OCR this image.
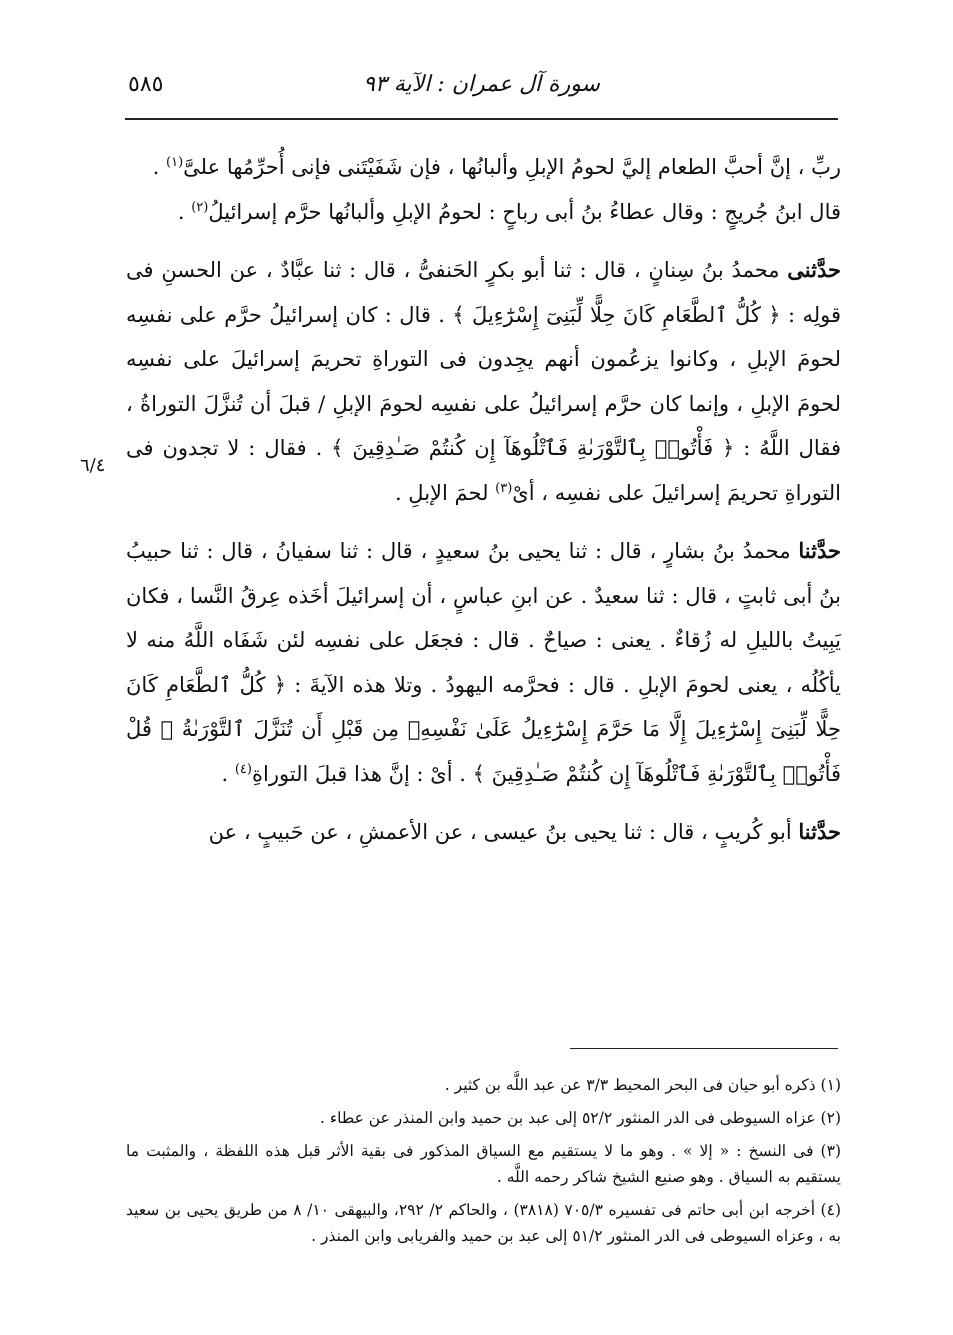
٥٨٥	سورة آل عمران : الآية ٩٣
٦/٤

ربِّ ، إنَّ أحبَّ الطعام إليَّ لحومُ الإبلِ وألبانُها ، فإن شَفَيْتَنى فإنى أُحرِّمُها علىَّ$^{(١)}$ .
قال ابنُ جُريجٍ : وقال عطاءُ بنُ أبى رباحٍ : لحومُ الإبلِ وألبانُها حرَّم إسرائيلُ$^{(٢)}$ .

حدَّثنى محمدُ بنُ سِنانٍ ، قال : ثنا أبو بكرٍ الحَنفىُّ ، قال : ثنا عبَّادٌ ، عن الحسنِ فى قولِه : ﴿ كُلُّ ٱلطَّعَامِ كَانَ حِلًّا لِّبَنِىٓ إِسْرَٰٓءِيلَ ﴾ . قال : كان إسرائيلُ حرَّم على نفسِه لحومَ الإبلِ ، وكانوا يزعُمون أنهم يجِدون فى التوراةِ تحريمَ إسرائيلَ على نفسِه لحومَ الإبلِ ، وإنما كان حرَّم إسرائيلُ على نفسِه لحومَ الإبلِ / قبلَ أن تُنزَّلَ التوراةُ ، فقال اللَّهُ : ﴿ فَأْتُوا۟ بِٱلتَّوْرَىٰةِ فَٱتْلُوهَآ إِن كُنتُمْ صَـٰدِقِينَ ﴾ . فقال : لا تجدون فى التوراةِ تحريمَ إسرائيلَ على نفسِه ، أىْ$^{(٣)}$ لحمَ الإبلِ .

حدَّثنا محمدُ بنُ بشارٍ ، قال : ثنا يحيى بنُ سعيدٍ ، قال : ثنا سفيانُ ، قال : ثنا حبيبُ بنُ أبى ثابتٍ ، قال : ثنا سعيدٌ . عن ابنِ عباسٍ ، أن إسرائيلَ أخَذه عِرقُ النَّسا ، فكان يَبِيتُ بالليلِ له زُقاءٌ . يعنى : صياحٌ . قال : فجعَل على نفسِه لئن شَفَاه اللَّهُ منه لا يأكُلُه ، يعنى لحومَ الإبلِ . قال : فحرَّمه اليهودُ . وتلا هذه الآيةَ : ﴿ كُلُّ ٱلطَّعَامِ كَانَ حِلًّا لِّبَنِىٓ إِسْرَٰٓءِيلَ إِلَّا مَا حَرَّمَ إِسْرَٰٓءِيلُ عَلَىٰ نَفْسِهِۦ مِن قَبْلِ أَن تُنَزَّلَ ٱلتَّوْرَىٰةُ ۗ قُلْ فَأْتُوا۟ بِٱلتَّوْرَىٰةِ فَٱتْلُوهَآ إِن كُنتُمْ صَـٰدِقِينَ ﴾ . أىْ : إنَّ هذا قبلَ التوراةِ$^{(٤)}$ .

حدَّثنا أبو كُريبٍ ، قال : ثنا يحيى بنُ عيسى ، عن الأعمشِ ، عن حَبيبٍ ، عن

(١) ذكره أبو حيان فى البحر المحيط ٣/٣ عن عبد اللَّه بن كثير .

(٢) عزاه السيوطى فى الدر المنثور ٥٢/٢ إلى عبد بن حميد وابن المنذر عن عطاء .

(٣) فى النسخ : « إلا » . وهو ما لا يستقيم مع السياق المذكور فى بقية الأثر قبل هذه اللفظة ، والمثبت ما يستقيم به السياق . وهو صنيع الشيخ شاكر رحمه اللَّه .

(٤) أخرجه ابن أبى حاتم فى تفسيره ٧٠٥/٣ (٣٨١٨) ، والحاكم ٢/ ٢٩٢، والبيهقى ١٠/ ٨ من طريق يحيى بن سعيد به ، وعزاه السيوطى فى الدر المنثور ٥١/٢ إلى عبد بن حميد والفريابى وابن المنذر .
